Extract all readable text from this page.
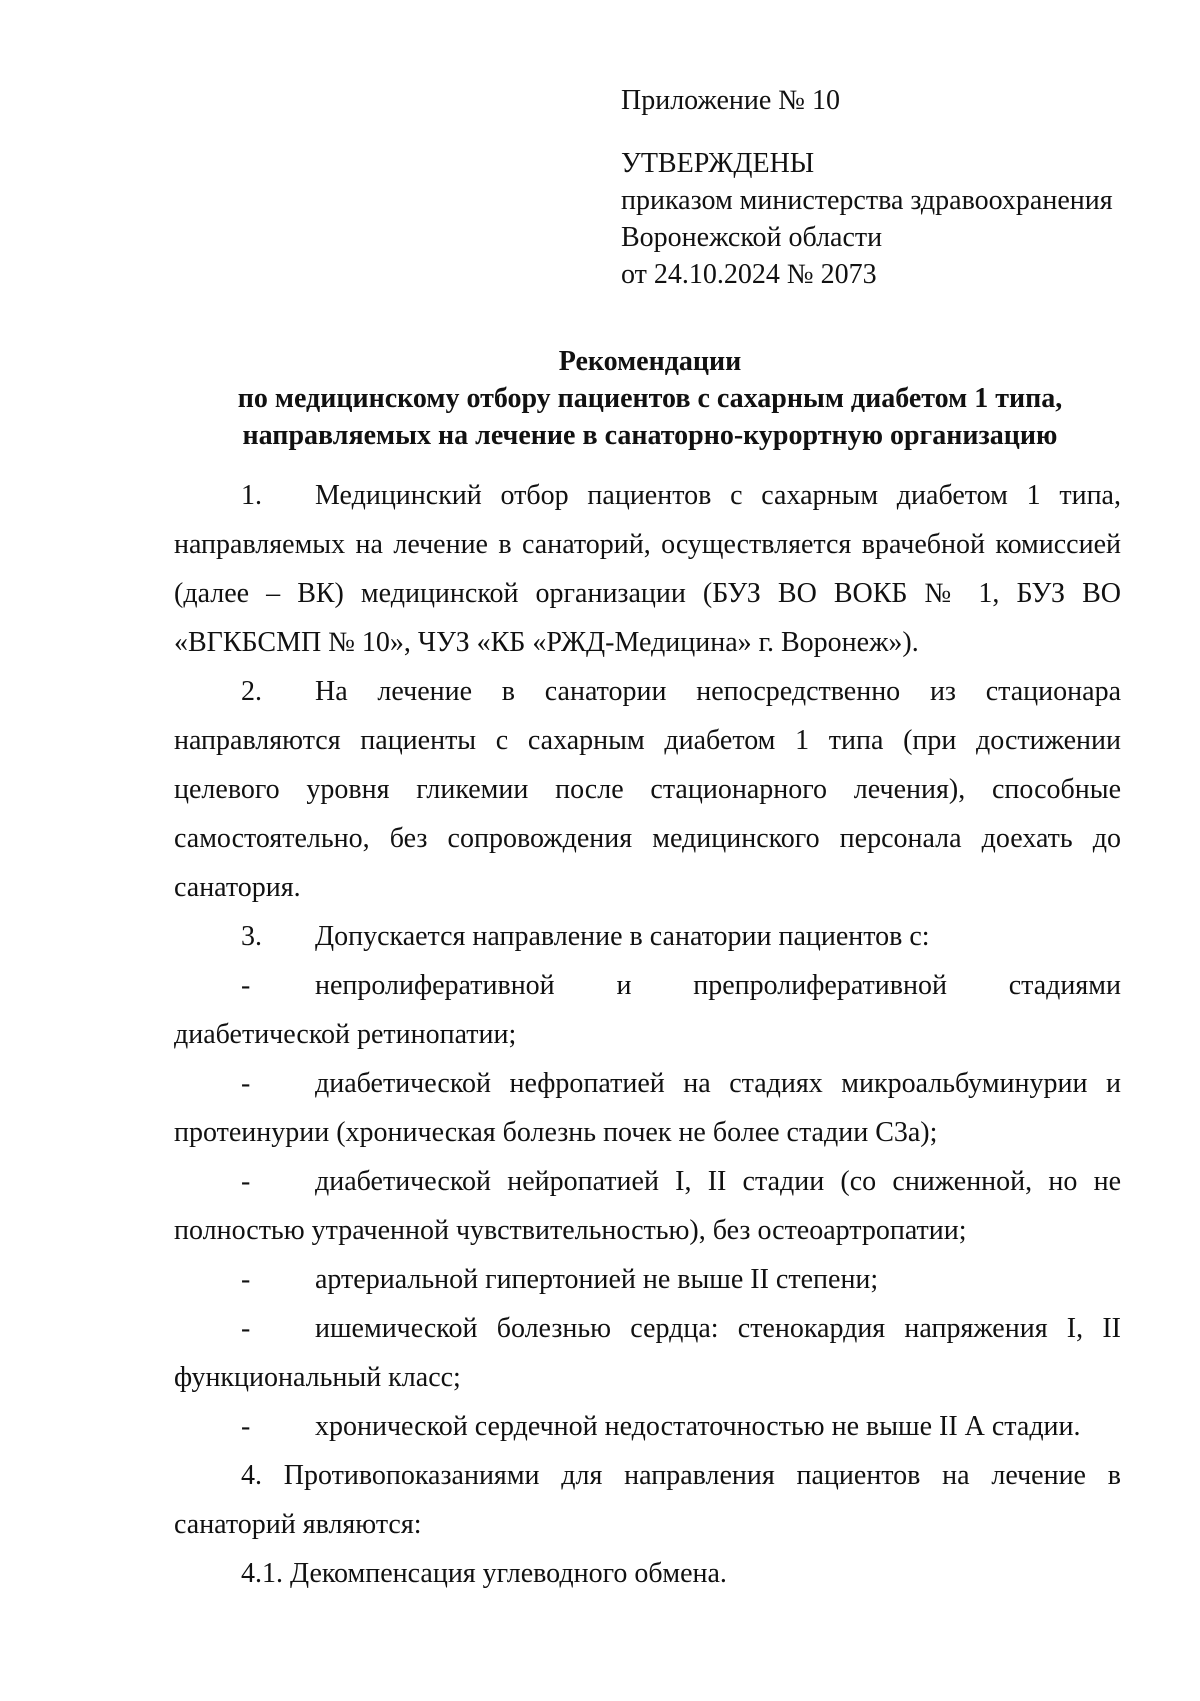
Приложение № 10
УТВЕРЖДЕНЫ
приказом министерства здравоохранения
Воронежской области
от 24.10.2024 № 2073
Рекомендации
по медицинскому отбору пациентов с сахарным диабетом 1 типа,
направляемых на лечение в санаторно-курортную организацию

1. Медицинский отбор пациентов с сахарным диабетом 1 типа, направляемых на лечение в санаторий, осуществляется врачебной комиссией (далее – ВК) медицинской организации (БУЗ ВО ВОКБ № 1, БУЗ ВО «ВГКБСМП № 10», ЧУЗ «КБ «РЖД-Медицина» г. Воронеж»).

2. На лечение в санатории непосредственно из стационара направляются пациенты с сахарным диабетом 1 типа (при достижении целевого уровня гликемии после стационарного лечения), способные самостоятельно, без сопровождения медицинского персонала доехать до санатория.

3. Допускается направление в санатории пациентов с:

- непролиферативной и препролиферативной стадиями диабетической ретинопатии;

- диабетической нефропатией на стадиях микроальбуминурии и протеинурии (хроническая болезнь почек не более стадии С3а);

- диабетической нейропатией I, II стадии (со сниженной, но не полностью утраченной чувствительностью), без остеоартропатии;

- артериальной гипертонией не выше II степени;

- ишемической болезнью сердца: стенокардия напряжения I, II функциональный класс;

- хронической сердечной недостаточностью не выше II А стадии.

4. Противопоказаниями для направления пациентов на лечение в санаторий являются:

4.1. Декомпенсация углеводного обмена.
